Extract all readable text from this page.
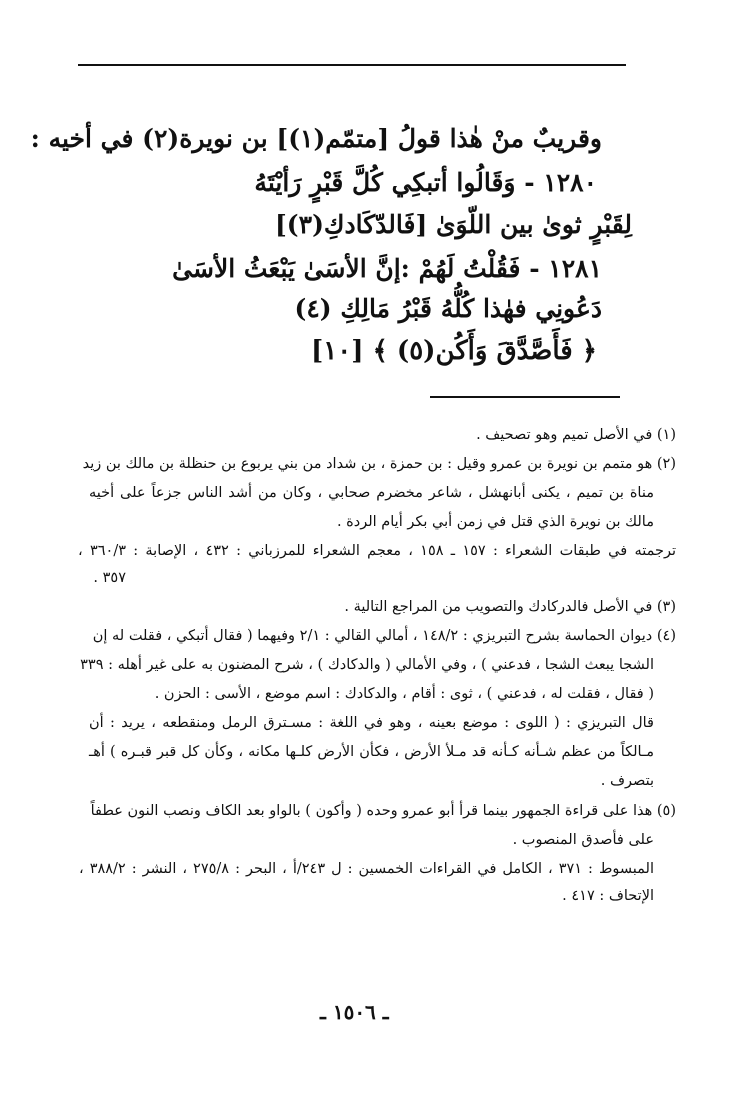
وقريبٌ منْ هٰذا قولُ [متمّم(١)] بن نويرة(٢) في أخيه :
١٢٨٠ - وَقَالُوا أتبكِي كُلَّ قَبْرٍ رَأيْتَهُ
لِقَبْرٍ ثوىٰ بين اللّوَىٰ [فَالدّكَادكِ(٣)]
١٢٨١ - فَقُلْتُ لَهُمْ :إنَّ الأسَىٰ يَبْعَثُ الأسَىٰ
دَعُونِي فهٰذا كُلُّهُ قَبْرُ مَالِكِ (٤)
﴿ فَأَصَّدَّقَ وَأَكُن(٥) ﴾ [١٠]
(١) في الأصل تميم وهو تصحيف .
(٢) هو متمم بن نويرة بن عمرو وقيل : بن حمزة ، بن شداد من بني يربوع بن حنظلة بن مالك بن زيد
مناة بن تميم ، يكنى أبانهشل ، شاعر مخضرم صحابي ، وكان من أشد الناس جزعاً على أخيه
مالك بن نويرة الذي قتل في زمن أبي بكر أيام الردة .
ترجمته في طبقات الشعراء : ١٥٧ ـ ١٥٨ ، معجم الشعراء للمرزباني : ٤٣٢ ، الإصابة : ٣٦٠/٣ ،
٣٥٧ .
(٣) في الأصل فالدركادك والتصويب من المراجع التالية .
(٤) ديوان الحماسة بشرح التبريزي : ١٤٨/٢ ، أمالي القالي : ٢/١ وفيهما ( فقال أتبكي ، فقلت له إن
الشجا يبعث الشجا ، فدعني ) ، وفي الأمالي ( والدكادك ) ، شرح المضنون به على غير أهله : ٣٣٩
( فقال ، فقلت له ، فدعني ) ، ثوى : أقام ، والدكادك : اسم موضع ، الأسى : الحزن .
قال التبريزي : ( اللوى : موضع بعينه ، وهو في اللغة : مسـترق الرمل ومنقطعه ، يريد : أن
مـالكاً من عظم شـأنه كـأنه قد مـلأ الأرض ، فكأن الأرض كلـها مكانه ، وكأن كل قبر قبـره ) أهـ
بتصرف .
(٥) هذا على قراءة الجمهور بينما قرأ أبو عمرو وحده ( وأكون ) بالواو بعد الكاف ونصب النون عطفاً
على فأصدق المنصوب .
المبسوط : ٣٧١ ، الكامل في القراءات الخمسين : ل ٢٤٣/أ ، البحر : ٢٧٥/٨ ، النشر : ٣٨٨/٢ ،
الإتحاف : ٤١٧ .
ـ ١٥٠٦ ـ
